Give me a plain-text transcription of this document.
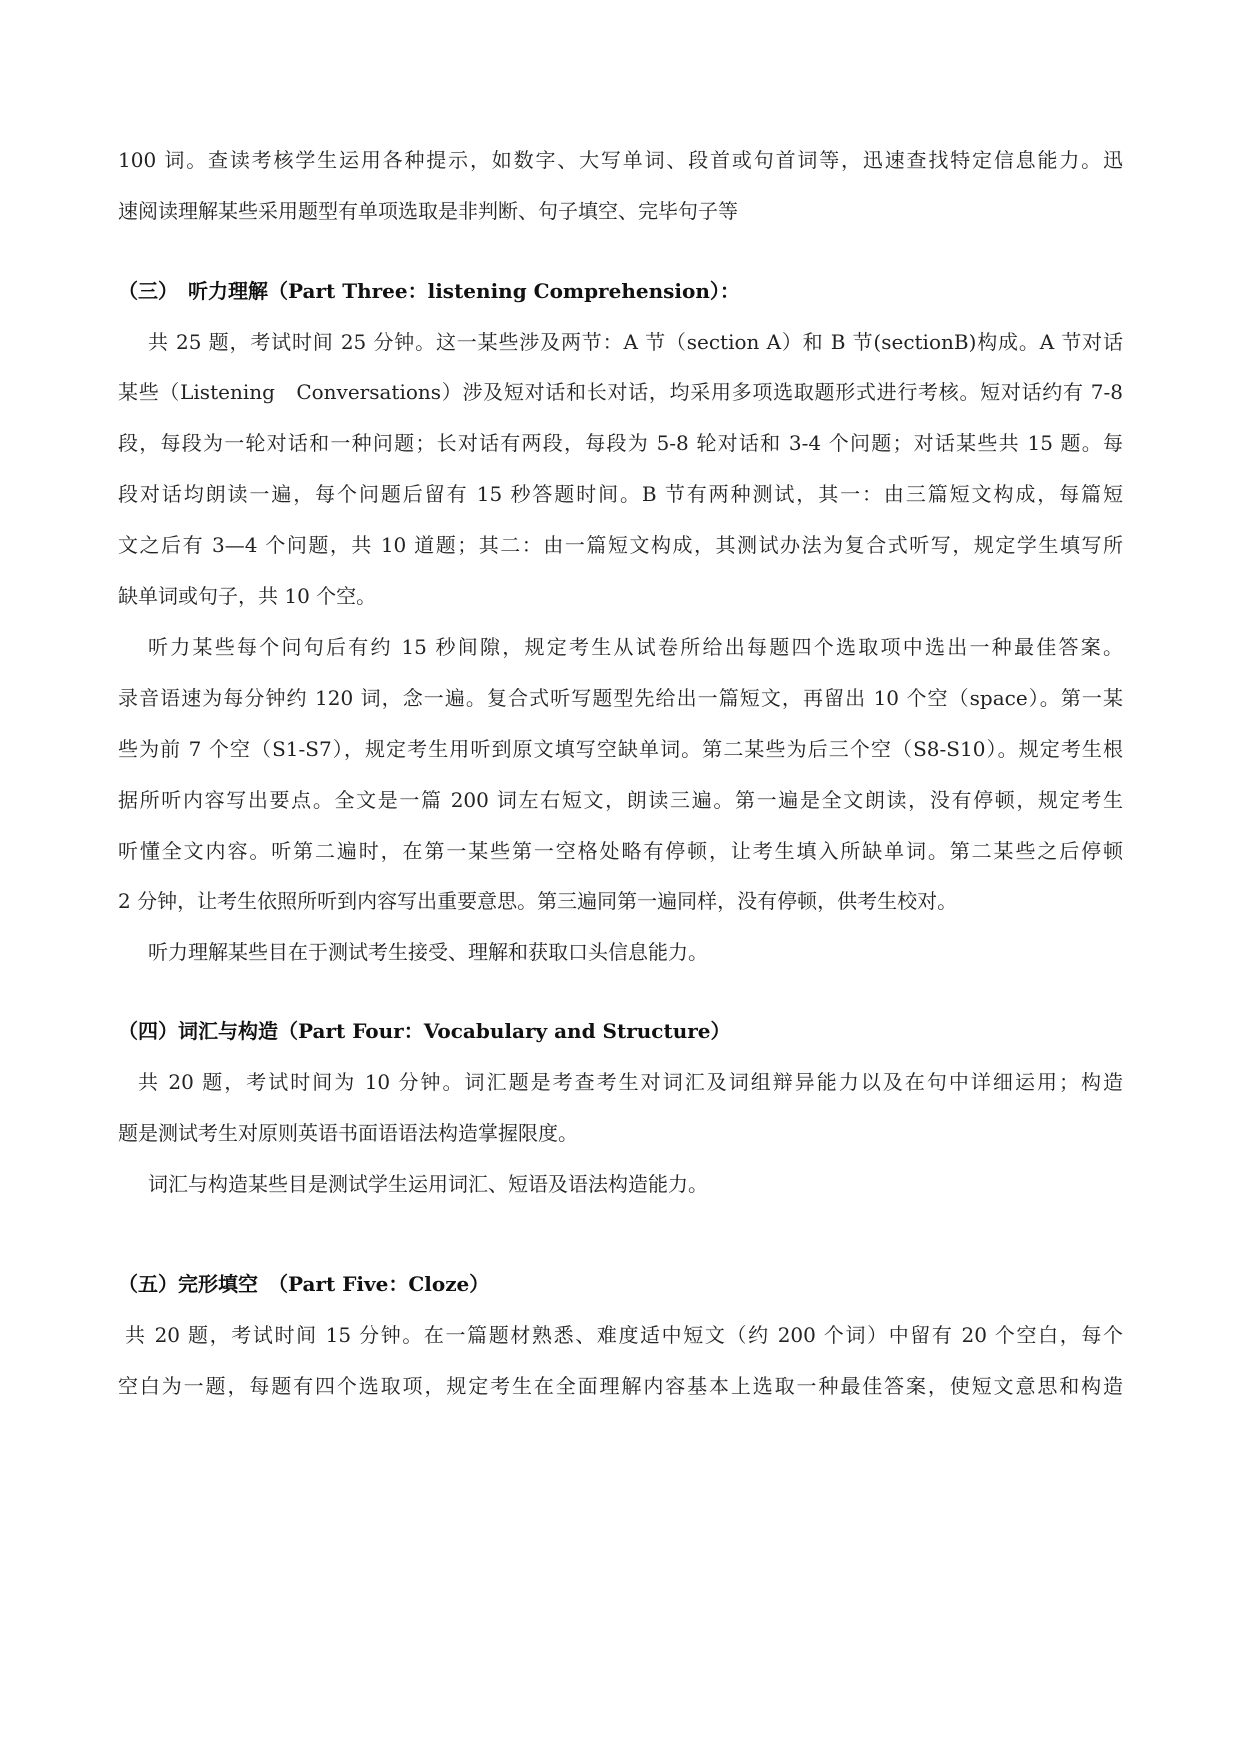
100 词。查读考核学生运用各种提示，如数字、大写单词、段首或句首词等，迅速查找特定信息能力。迅
速阅读理解某些采用题型有单项选取是非判断、句子填空、完毕句子等
（三）　听力理解（Part Three：listening Comprehension）：
共 25 题，考试时间 25 分钟。这一某些涉及两节：A 节（section A）和 B 节(sectionB)构成。A 节对话
某些（Listening　Conversations）涉及短对话和长对话，均采用多项选取题形式进行考核。短对话约有 7-8
段，每段为一轮对话和一种问题；长对话有两段，每段为 5-8 轮对话和 3-4 个问题；对话某些共 15 题。每
段对话均朗读一遍，每个问题后留有 15 秒答题时间。B 节有两种测试，其一：由三篇短文构成，每篇短
文之后有 3—4 个问题，共 10 道题；其二：由一篇短文构成，其测试办法为复合式听写，规定学生填写所
缺单词或句子，共 10 个空。
听力某些每个问句后有约 15 秒间隙，规定考生从试卷所给出每题四个选取项中选出一种最佳答案。
录音语速为每分钟约 120 词，念一遍。复合式听写题型先给出一篇短文，再留出 10 个空（space）。第一某
些为前 7 个空（S1-S7），规定考生用听到原文填写空缺单词。第二某些为后三个空（S8-S10）。规定考生根
据所听内容写出要点。全文是一篇 200 词左右短文，朗读三遍。第一遍是全文朗读，没有停顿，规定考生
听懂全文内容。听第二遍时，在第一某些第一空格处略有停顿，让考生填入所缺单词。第二某些之后停顿
2 分钟，让考生依照所听到内容写出重要意思。第三遍同第一遍同样，没有停顿，供考生校对。
听力理解某些目在于测试考生接受、理解和获取口头信息能力。
（四）词汇与构造（Part Four：Vocabulary and Structure）
共 20 题，考试时间为 10 分钟。词汇题是考查考生对词汇及词组辩异能力以及在句中详细运用；构造
题是测试考生对原则英语书面语语法构造掌握限度。
词汇与构造某些目是测试学生运用词汇、短语及语法构造能力。
（五）完形填空　（Part Five：Cloze）
共 20 题，考试时间 15 分钟。在一篇题材熟悉、难度适中短文（约 200 个词）中留有 20 个空白，每个
空白为一题，每题有四个选取项，规定考生在全面理解内容基本上选取一种最佳答案，使短文意思和构造
